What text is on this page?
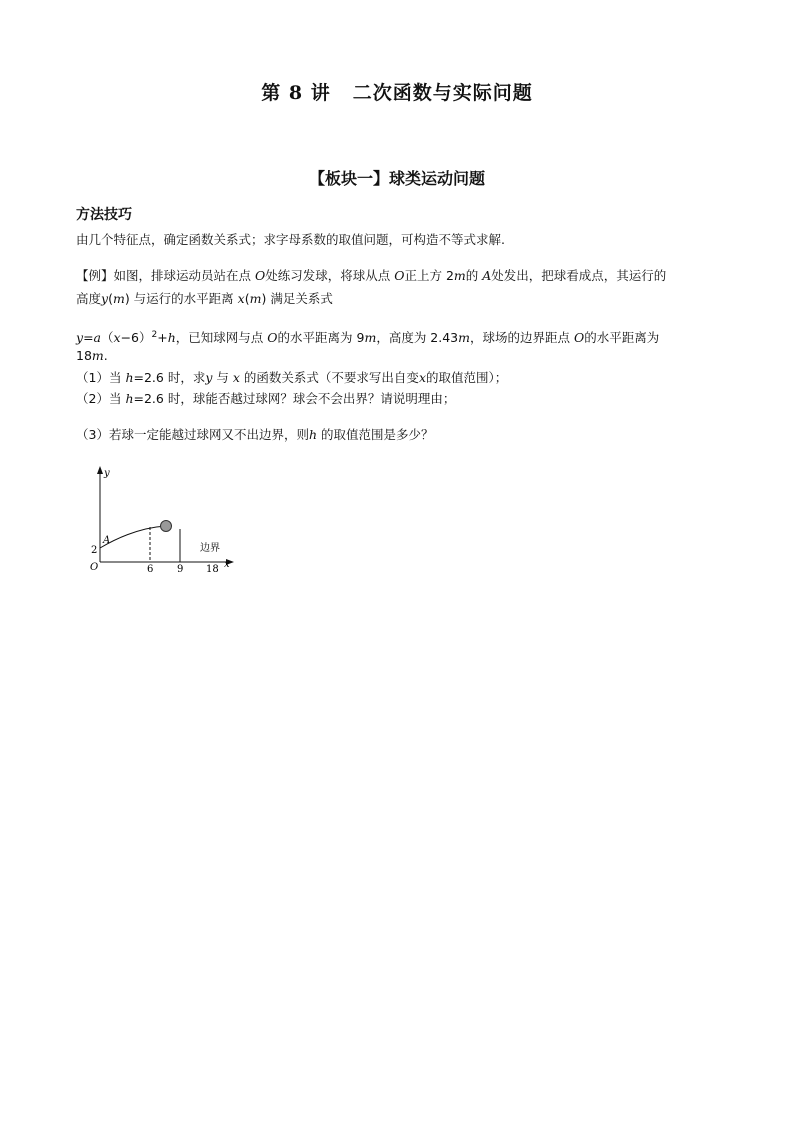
第 8 讲 二次函数与实际问题
【板块一】球类运动问题
方法技巧
由几个特征点，确定函数关系式；求字母系数的取值问题，可构造不等式求解.
【例】如图，排球运动员站在点 O处练习发球，将球从点 O正上方 2m的 A处发出，把球看成点，其运行的
高度y(m) 与运行的水平距离 x(m) 满足关系式
$y=a(x-6)^2+h$，已知球网与点 O的水平距离为 9m，高度为 2.43m，球场的边界距点 O的水平距离为
18m.
（1）当 h=2.6 时，求y 与 x 的函数关系式（不要求写出自变x的取值范围）；
（2）当 h=2.6 时，球能否越过球网？球会不会出界？请说明理由；
（3）若球一定能越过球网又不出边界，则h 的取值范围是多少？
y
x
O
2
A
6 9 18
边界
